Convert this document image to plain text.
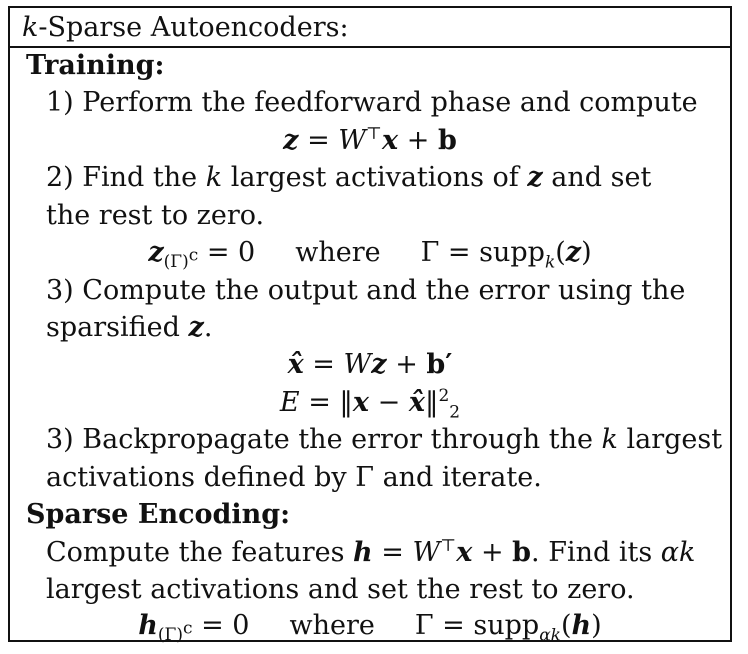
k-Sparse Autoencoders:
Training:
1) Perform the feedforward phase and compute
z = W⊤x + b
2) Find the k largest activations of z and set
the rest to zero.
$z_{(\Gamma)^c} = 0$ where Γ = supp$_k$(z)
3) Compute the output and the error using the
sparsified z.
x̂ = Wz + b′
E = ‖x − x̂‖$^2_2$
3) Backpropagate the error through the k largest
activations defined by Γ and iterate.
Sparse Encoding:
Compute the features h = W⊤x + b. Find its αk
largest activations and set the rest to zero.
$h_{(\Gamma)^c} = 0$ where Γ = supp$_{\alpha k}$(h)
